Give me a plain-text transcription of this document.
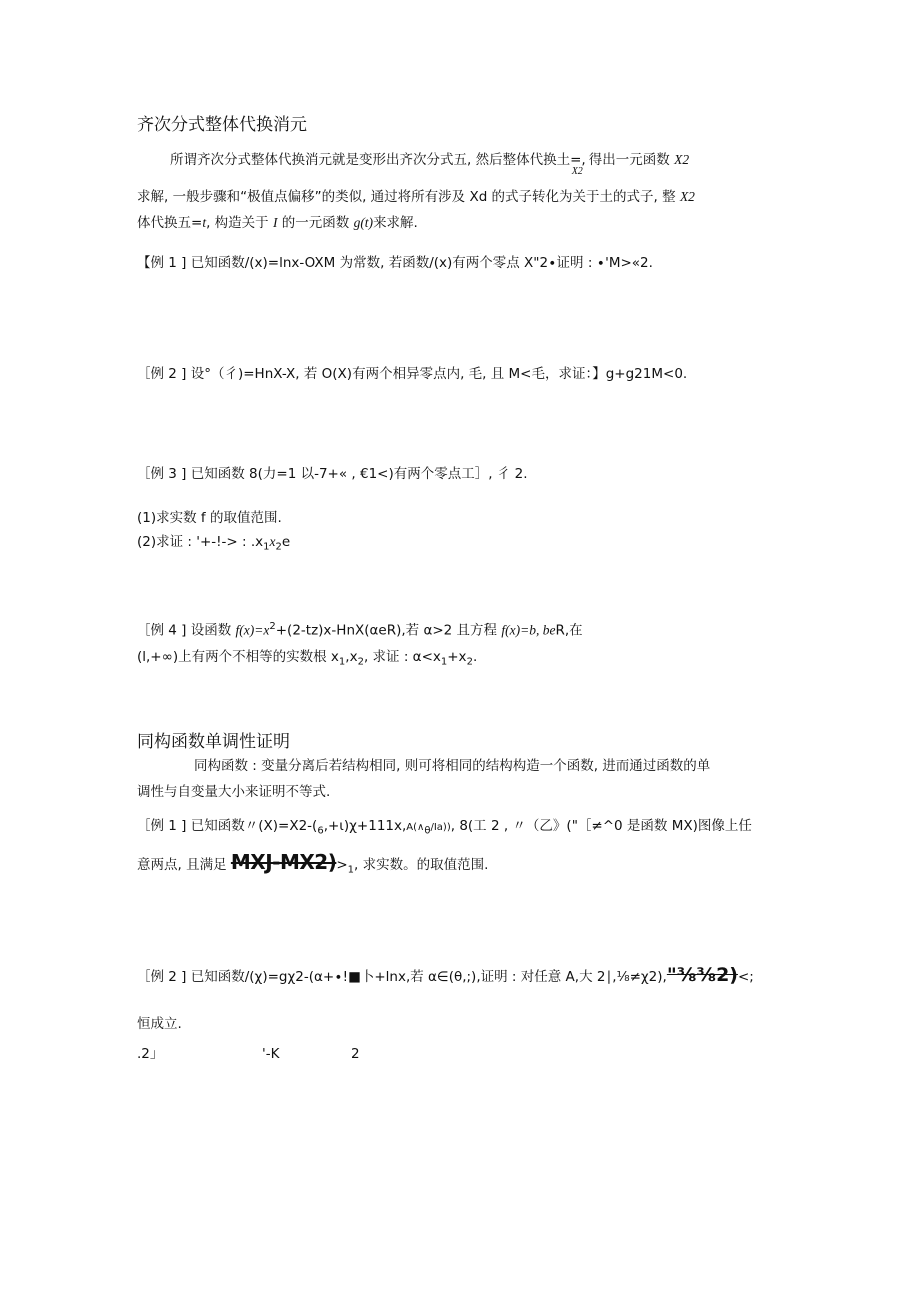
齐次分式整体代换消元
所谓齐次分式整体代换消元就是变形出齐次分式五, 然后整体代换土$=,_{X2}$得出一元函数 X2
求解, 一般步骤和“极值点偏移”的类似, 通过将所有涉及 Xd 的式子转化为关于土的式子, 整 X2
体代换五=t, 构造关于 I 的一元函数 g(t)来求解.
【例 1 ] 已知函数/(x)=lnx-OXM 为常数, 若函数/(x)有两个零点 X"2∙证明 : ∙'M>«2.
［例 2 ] 设°（彳)=HnX-X, 若 O(X)有两个相异零点内, 毛, 且 M<毛，求证：】g+g21M<0.
［例 3 ] 已知函数 8(力=1 以-7+« , €1<)有两个零点工］, 彳 2.
(1)求实数 f 的取值范围.
(2)求证 : '+-!-> : $.x_1x_2e$
［例 4 ] 设函数 $f(x)=x^2+(2-tz)x-HnX(\alpha eR)$,若 α>2 且方程 f(x)=b, beR,在
(l,+∞)上有两个不相等的实数根 $x_1,x_2$, 求证 : $\alpha<x_1+x_2$.
同构函数单调性证明
同构函数 : 变量分离后若结构相同, 则可将相同的结构构造一个函数, 进而通过函数的单
调性与自变量大小来证明不等式.
［例 1 ] 已知函数〃$(X)=X2-(_6,+\iota)\chi+111x,A(\wedge_\theta/Ia)$), 8(工 2 , 〃（乙》("［≠^0 是函数 MX)图像上任
意两点, 且满足 MXJ-$MX2)>_1$, 求实数。的取值范围.
［例 2 ] 已知函数/(χ)=gχ2-(α+∙!■卜+lnx,若 α∈(θ,;),证明 : 对任意 A,大 2∣,⅛≠χ2),"⅜⅜2)<;
恒成立.
.2」	'-K	2
